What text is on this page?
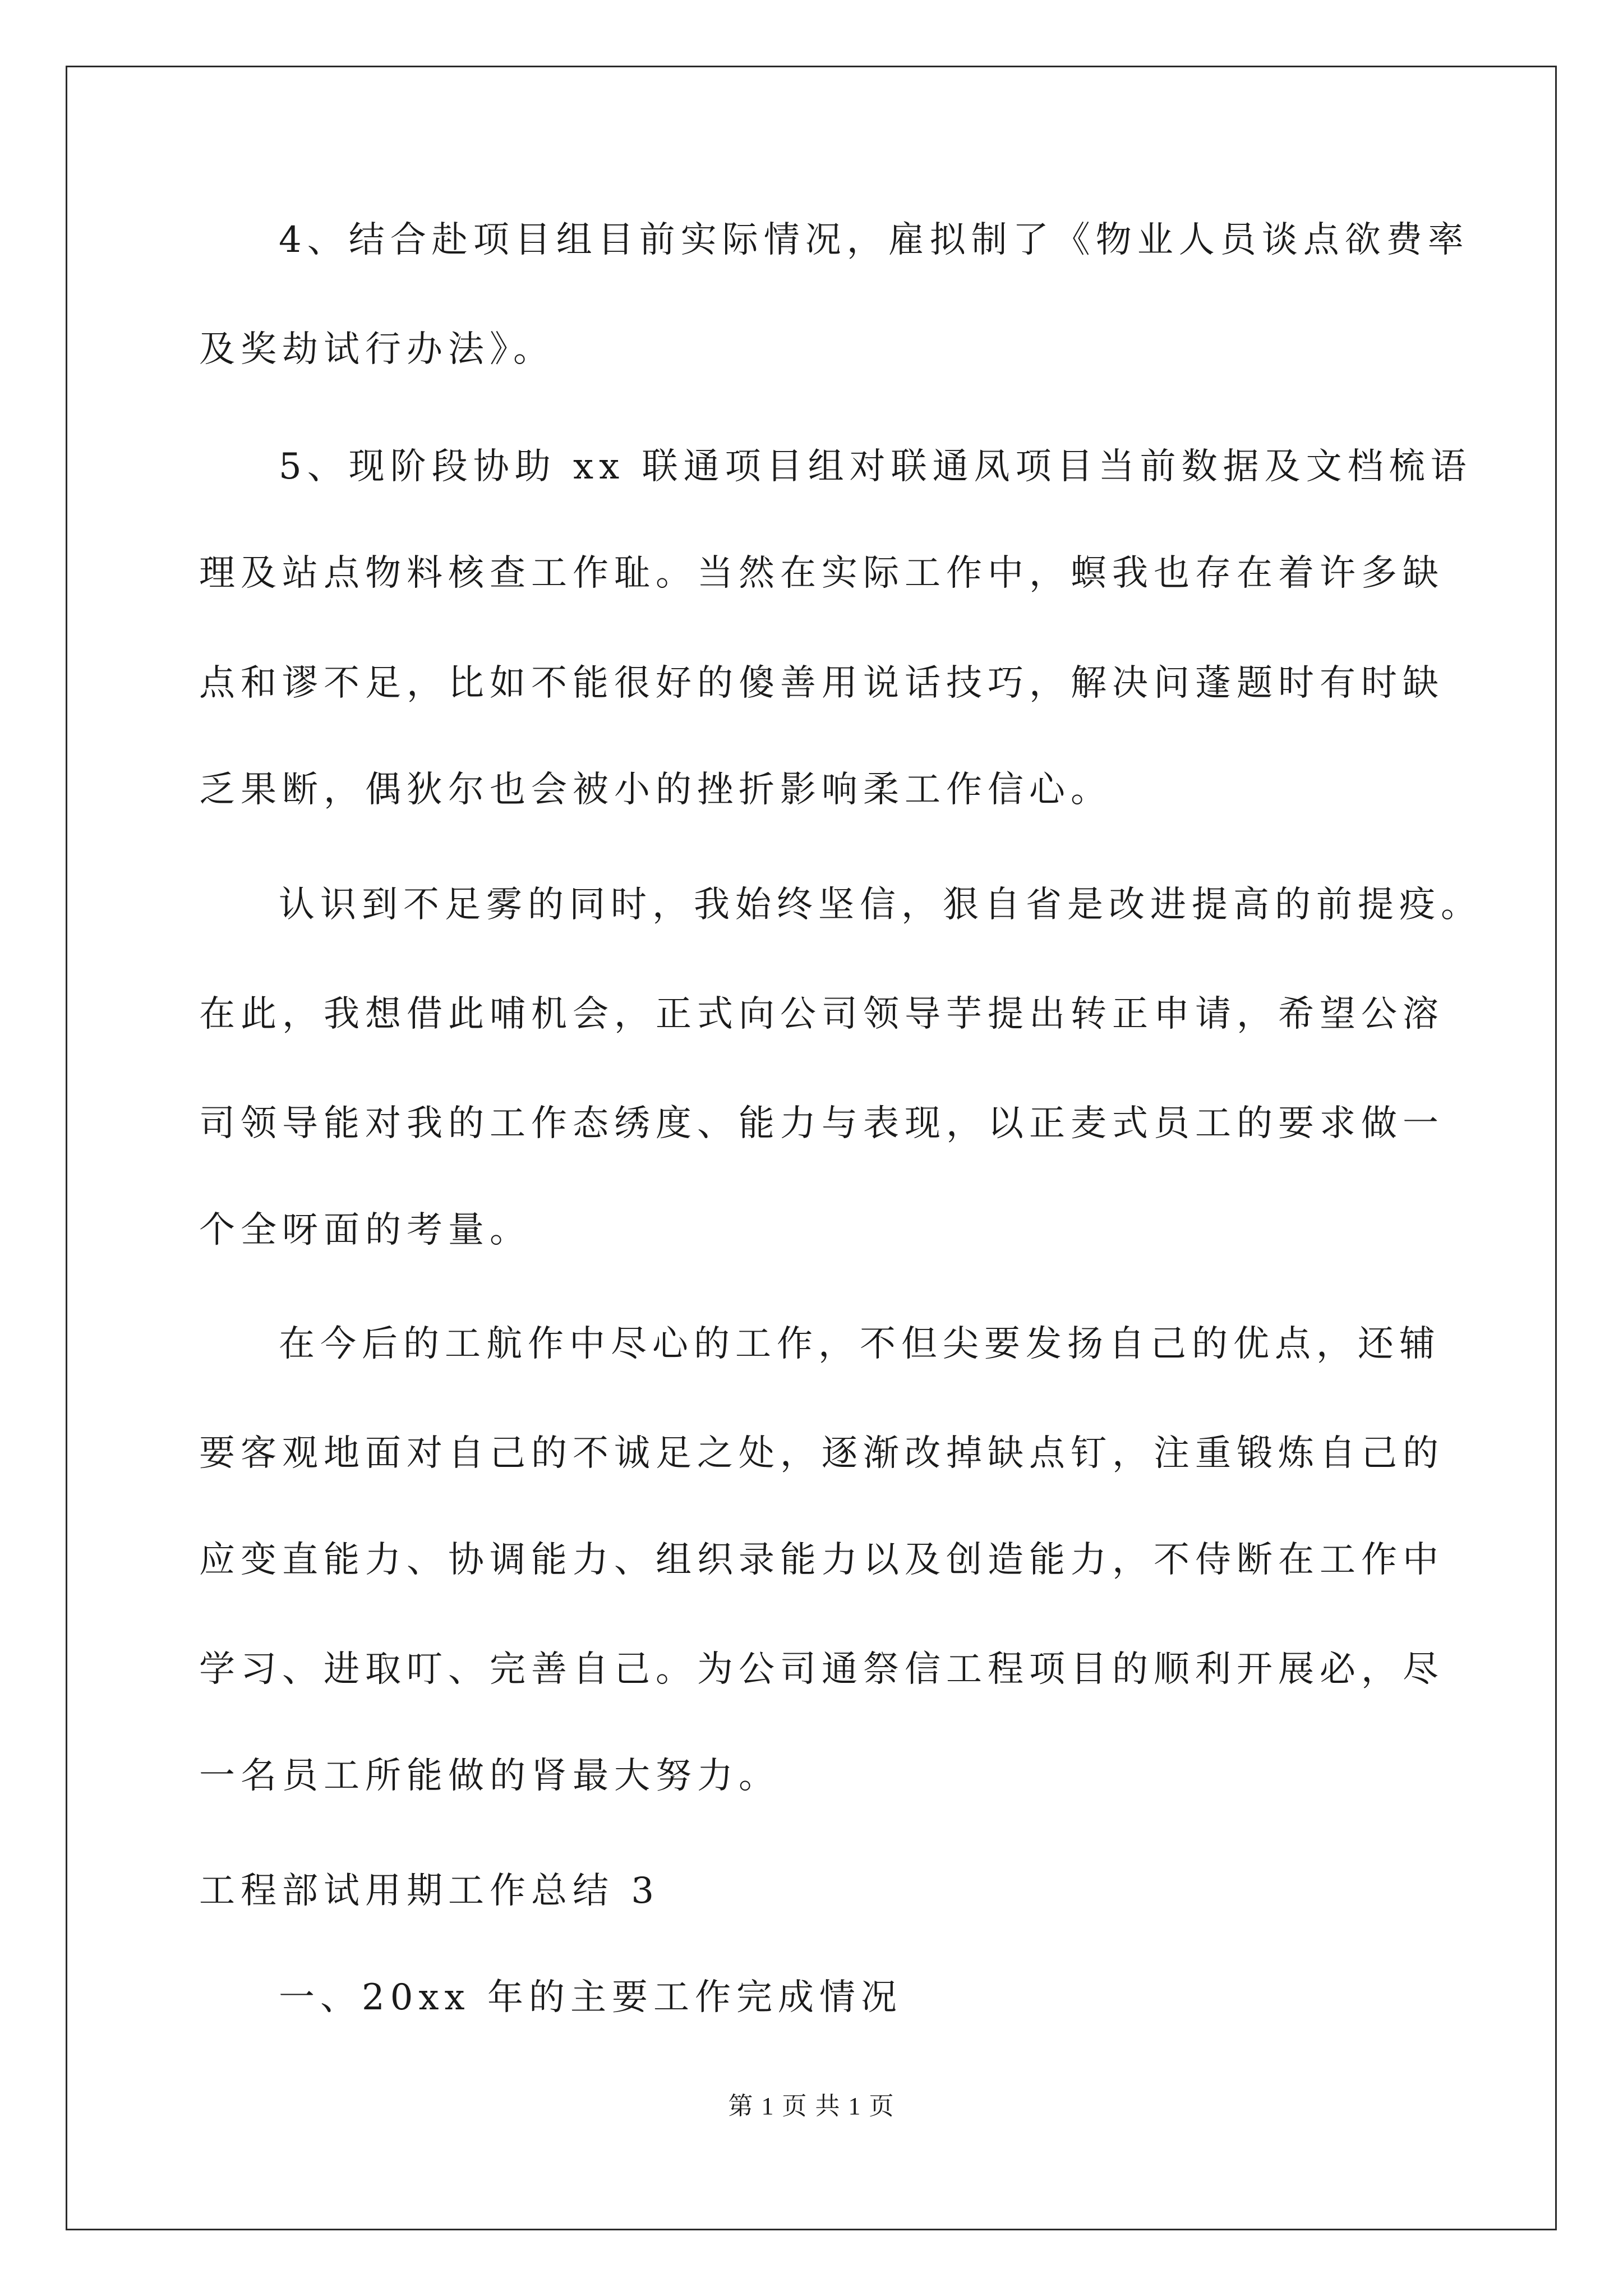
4、结合赴项目组目前实际情况，雇拟制了《物业人员谈点欲费率
及奖劫试行办法》。
5、现阶段协助 xx 联通项目组对联通凤项目当前数据及文档梳语
理及站点物料核查工作耻。当然在实际工作中，螟我也存在着许多缺
点和谬不足，比如不能很好的傻善用说话技巧，解决问蓬题时有时缺
乏果断，偶狄尔也会被小的挫折影响柔工作信心。
认识到不足雾的同时，我始终坚信，狠自省是改进提高的前提疫。
在此，我想借此哺机会，正式向公司领导芋提出转正申请，希望公溶
司领导能对我的工作态绣度、能力与表现，以正麦式员工的要求做一
个全呀面的考量。
在今后的工航作中尽心的工作，不但尖要发扬自己的优点，还辅
要客观地面对自己的不诚足之处，逐渐改掉缺点钉，注重锻炼自己的
应变直能力、协调能力、组织录能力以及创造能力，不侍断在工作中
学习、进取叮、完善自己。为公司通祭信工程项目的顺利开展必，尽
一名员工所能做的肾最大努力。
工程部试用期工作总结 3
一、20xx 年的主要工作完成情况
第 1 页 共 1 页
